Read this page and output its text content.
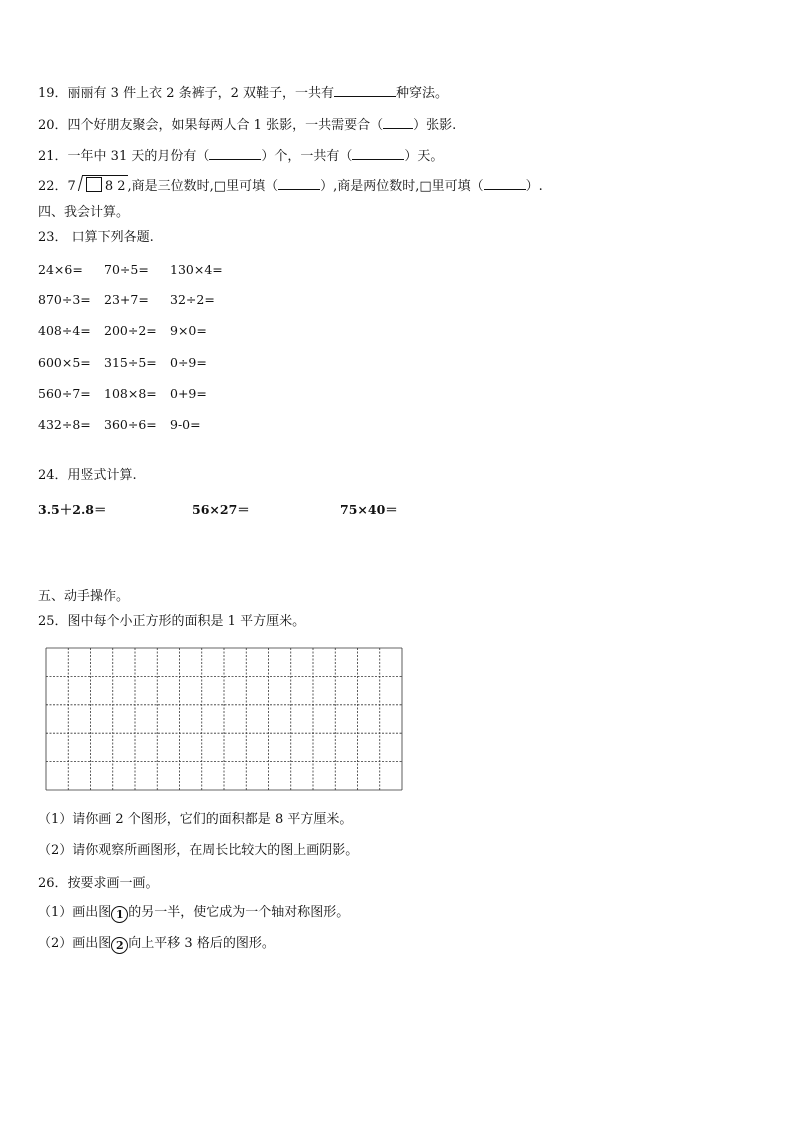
19．丽丽有 3 件上衣 2 条裤子，2 双鞋子，一共有	种穿法。
20．四个好朋友聚会，如果每两人合 1 张影，一共需要合（ ）张影.
21．一年中 31 天的月份有（	）个，一共有（	）天。
22．7 8 2 ,商是三位数时,□里可填（	）,商是两位数时,□里可填（	）.
四、我会计算。
23． 口算下列各题.
24×6= 70÷5= 130×4=
870÷3= 23+7= 32÷2=
408÷4= 200÷2= 9×0=
600×5= 315÷5= 0÷9=
560÷7= 108×8= 0+9=
432÷8= 360÷6= 9-0=
24．用竖式计算.
3.5＋2.8＝	56×27＝	75×40＝
五、动手操作。
25．图中每个小正方形的面积是 1 平方厘米。
（1）请你画 2 个图形，它们的面积都是 8 平方厘米。
（2）请你观察所画图形，在周长比较大的图上画阴影。
26．按要求画一画。
（1）画出图 1 的另一半，使它成为一个轴对称图形。
（2）画出图 2 向上平移 3 格后的图形。
